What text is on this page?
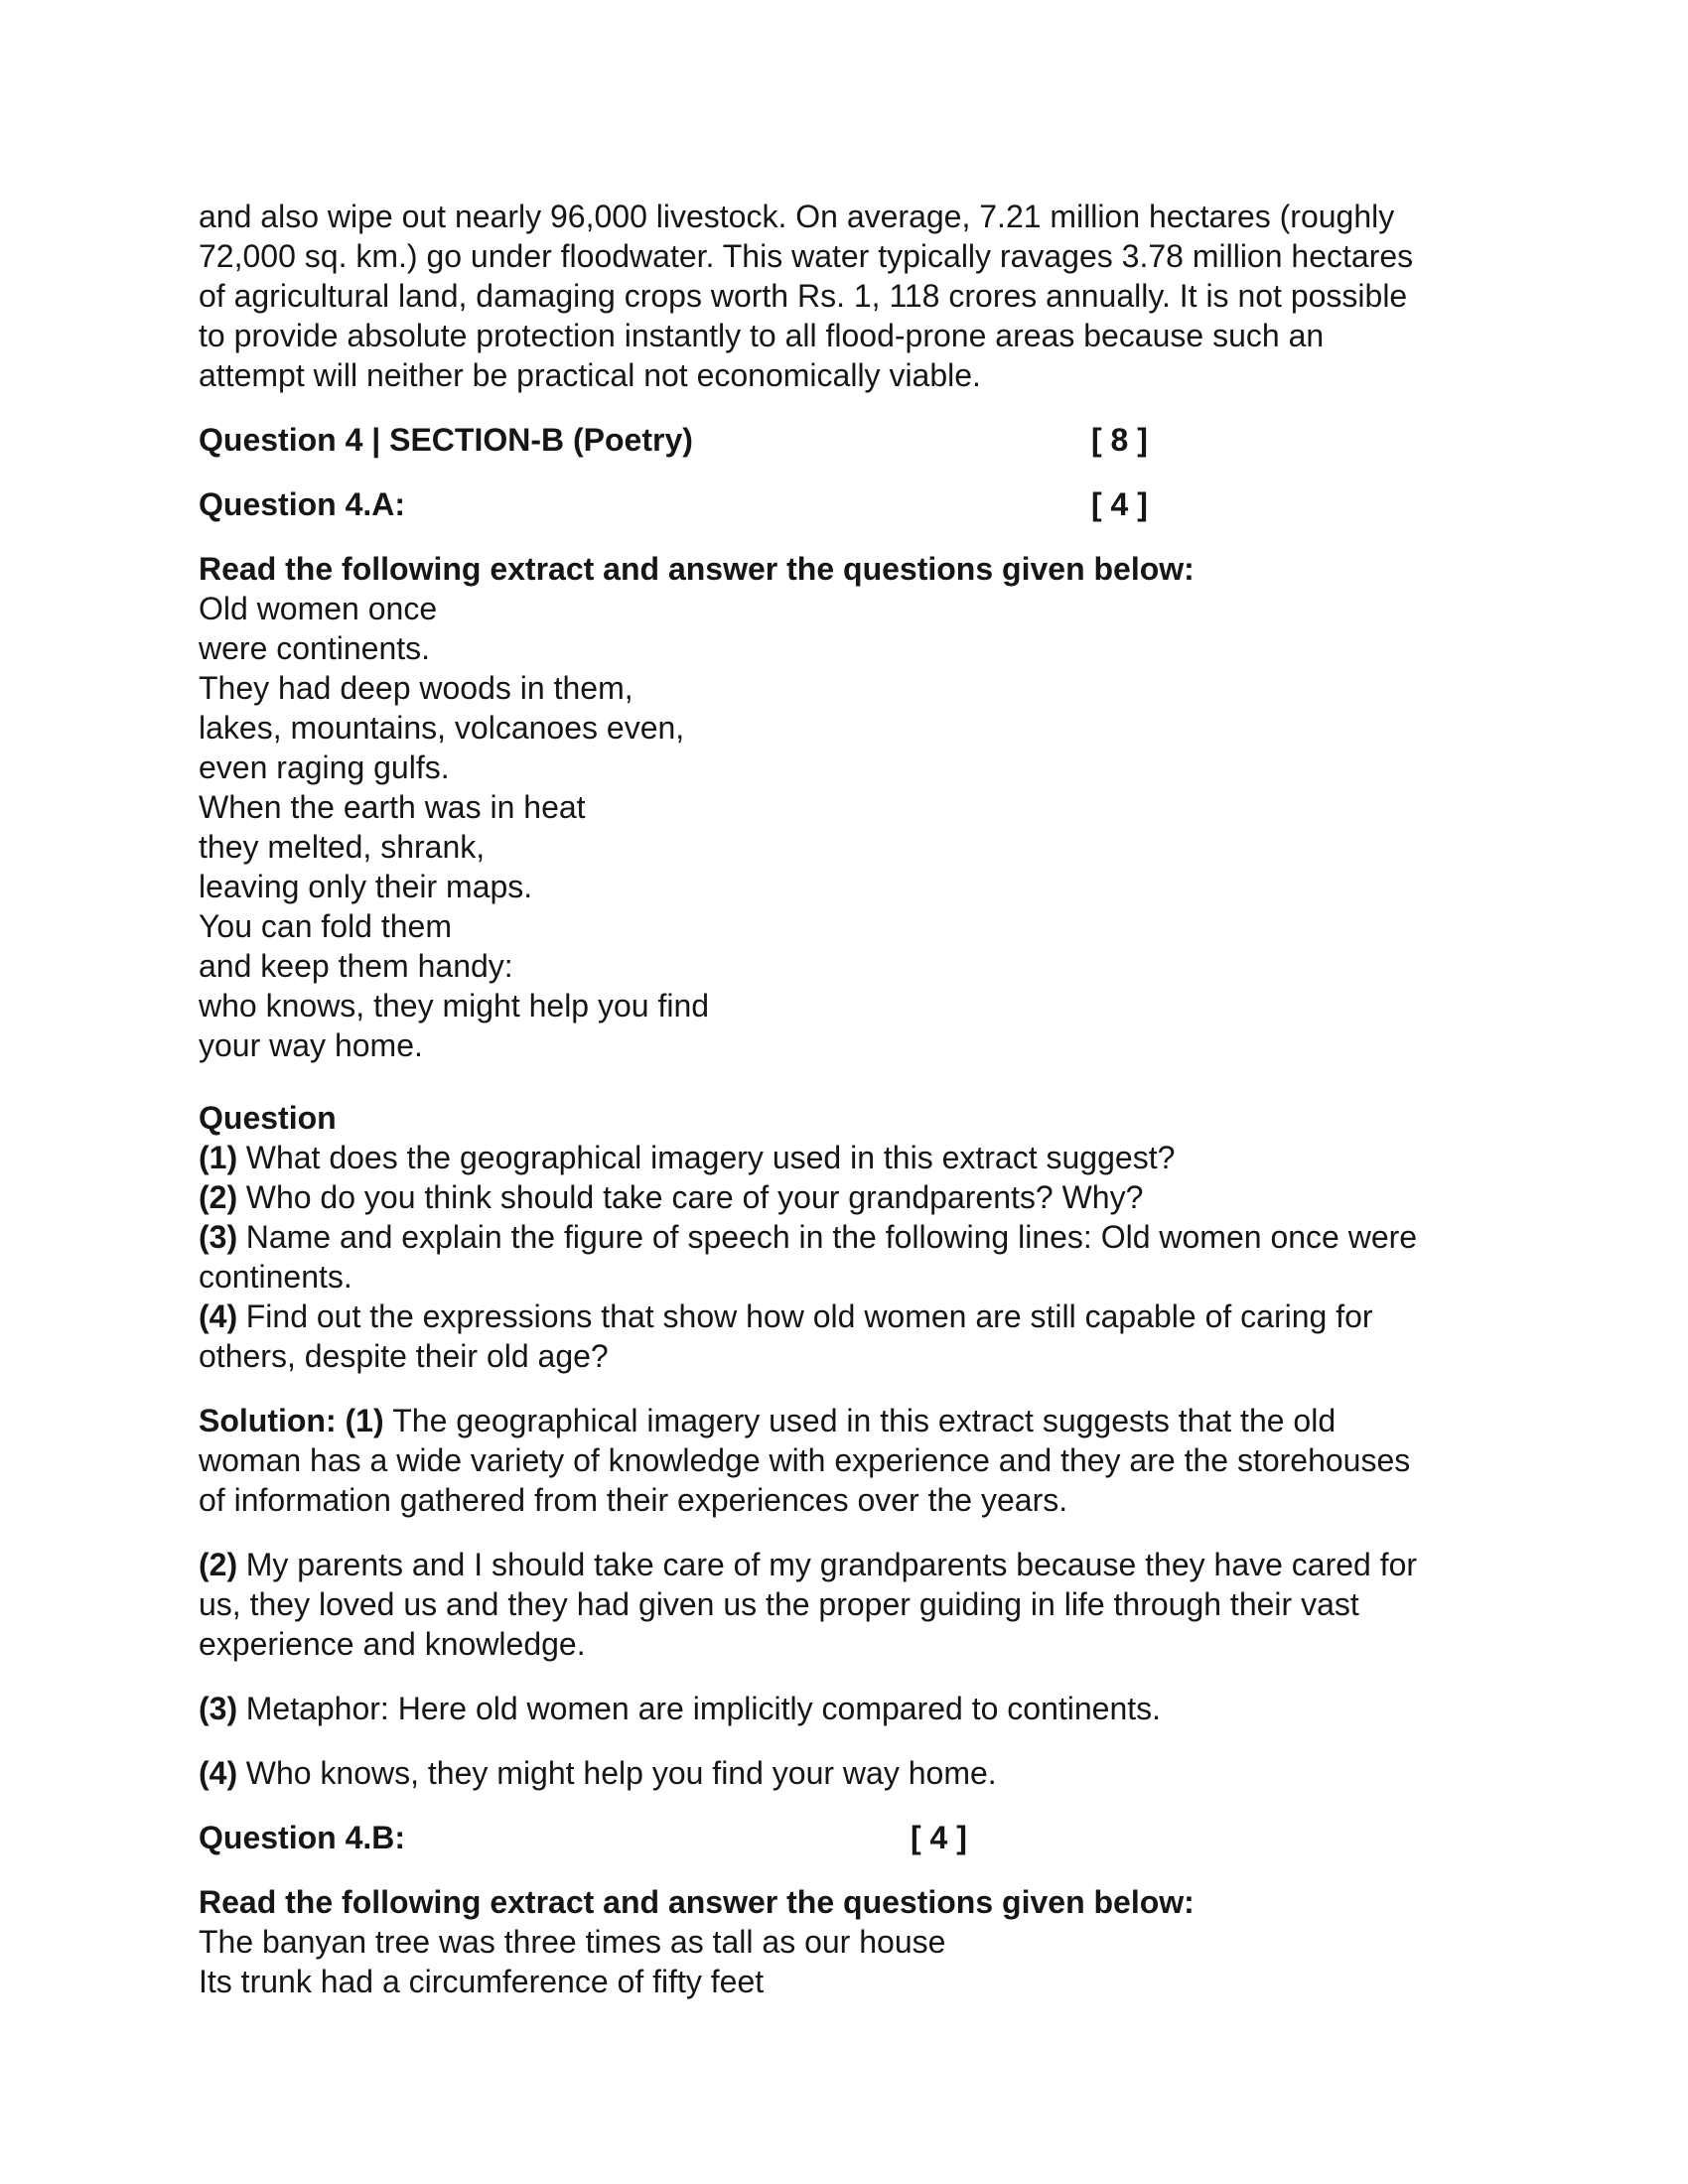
and also wipe out nearly 96,000 livestock. On average, 7.21 million hectares (roughly
72,000 sq. km.) go under floodwater. This water typically ravages 3.78 million hectares
of agricultural land, damaging crops worth Rs. 1, 118 crores annually. It is not possible
to provide absolute protection instantly to all flood-prone areas because such an
attempt will neither be practical not economically viable.
Question 4 | SECTION-B (Poetry)	[ 8 ]
Question 4.A:	[ 4 ]
Read the following extract and answer the questions given below:
Old women once
were continents.
They had deep woods in them,
lakes, mountains, volcanoes even,
even raging gulfs.
When the earth was in heat
they melted, shrank,
leaving only their maps.
You can fold them
and keep them handy:
who knows, they might help you find
your way home.
Question
(1) What does the geographical imagery used in this extract suggest?
(2) Who do you think should take care of your grandparents? Why?
(3) Name and explain the figure of speech in the following lines: Old women once were
continents.
(4) Find out the expressions that show how old women are still capable of caring for
others, despite their old age?
Solution: (1) The geographical imagery used in this extract suggests that the old
woman has a wide variety of knowledge with experience and they are the storehouses
of information gathered from their experiences over the years.
(2) My parents and I should take care of my grandparents because they have cared for
us, they loved us and they had given us the proper guiding in life through their vast
experience and knowledge.
(3) Metaphor: Here old women are implicitly compared to continents.
(4) Who knows, they might help you find your way home.
Question 4.B:	[ 4 ]
Read the following extract and answer the questions given below:
The banyan tree was three times as tall as our house
Its trunk had a circumference of fifty feet
